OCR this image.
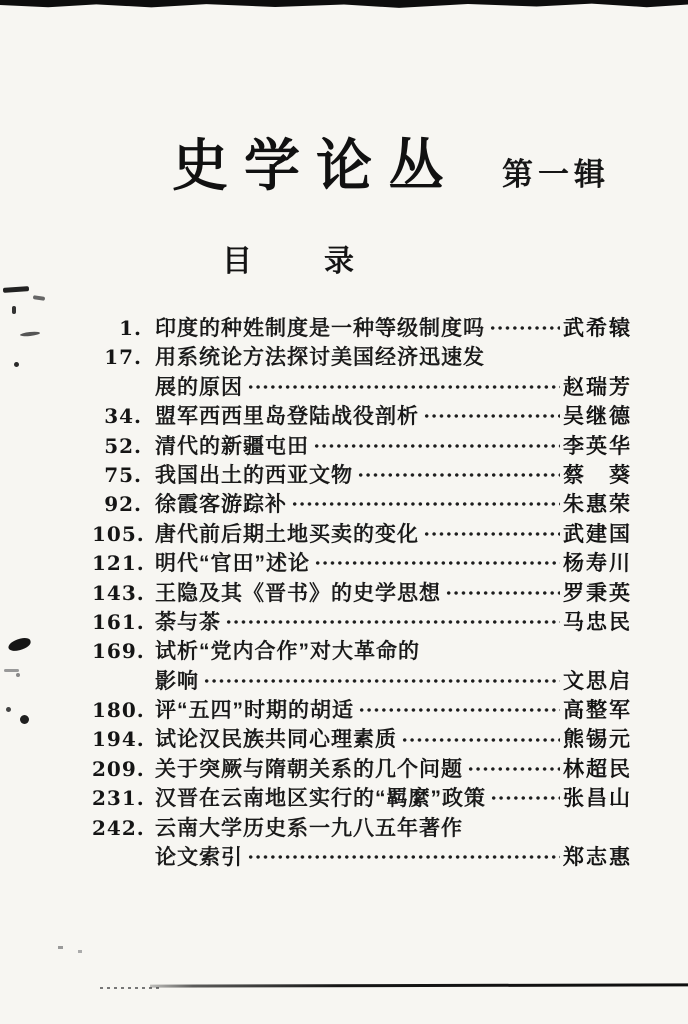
史学论丛 第一辑
目 录
1. 印度的种姓制度是一种等级制度吗	武希辕
17. 用系统论方法探讨美国经济迅速发
展的原因	赵瑞芳
34. 盟军西西里岛登陆战役剖析	吴继德
52. 清代的新疆屯田	李英华
75. 我国出土的西亚文物	蔡　葵
92. 徐霞客游踪补	朱惠荣
105. 唐代前后期土地买卖的变化	武建国
121. 明代“官田”述论	杨寿川
143. 王隐及其《晋书》的史学思想	罗秉英
161. 荼与茶	马忠民
169. 试析“党内合作”对大革命的
影响	文思启
180. 评“五四”时期的胡适	高整军
194. 试论汉民族共同心理素质	熊锡元
209. 关于突厥与隋朝关系的几个问题	林超民
231. 汉晋在云南地区实行的“羁縻”政策	张昌山
242. 云南大学历史系一九八五年著作
论文索引	郑志惠
